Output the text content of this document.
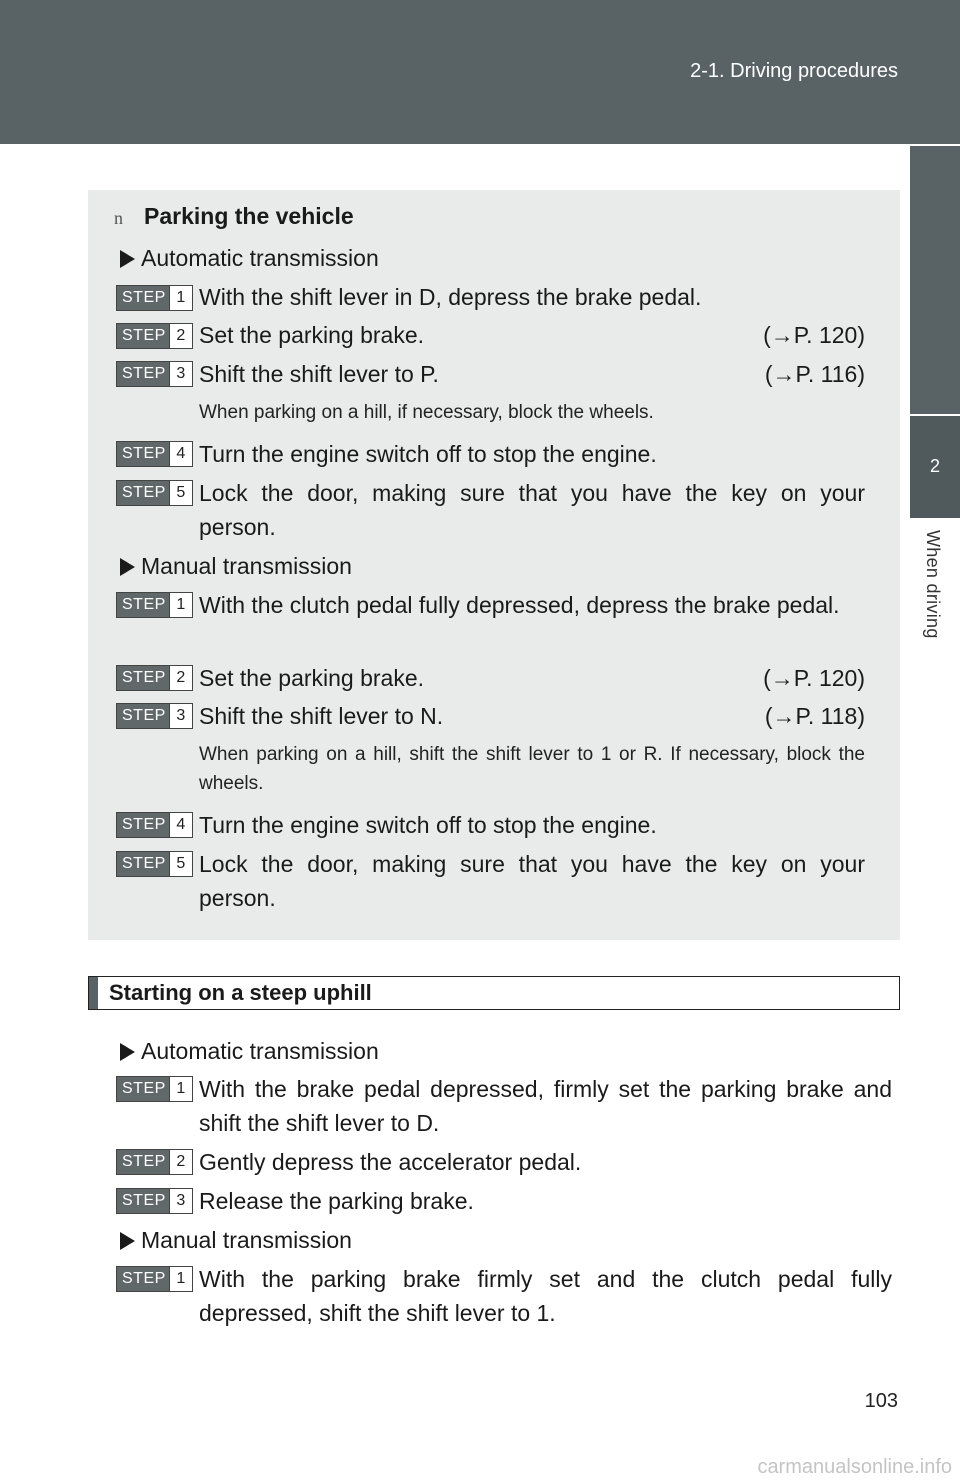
2-1. Driving procedures
2
When driving
n Parking the vehicle
Automatic transmission
STEP 1 With the shift lever in D, depress the brake pedal.
STEP 2 Set the parking brake.	(→P. 120)
STEP 3 Shift the shift lever to P.	(→P. 116)
When parking on a hill, if necessary, block the wheels.
STEP 4 Turn the engine switch off to stop the engine.
STEP 5 Lock the door, making sure that you have the key on your person.
Manual transmission
STEP 1 With the clutch pedal fully depressed, depress the brake pedal.
STEP 2 Set the parking brake.	(→P. 120)
STEP 3 Shift the shift lever to N.	(→P. 118)
When parking on a hill, shift the shift lever to 1 or R. If necessary, block the wheels.
STEP 4 Turn the engine switch off to stop the engine.
STEP 5 Lock the door, making sure that you have the key on your person.
Starting on a steep uphill
Automatic transmission
STEP 1 With the brake pedal depressed, firmly set the parking brake and shift the shift lever to D.
STEP 2 Gently depress the accelerator pedal.
STEP 3 Release the parking brake.
Manual transmission
STEP 1 With the parking brake firmly set and the clutch pedal fully depressed, shift the shift lever to 1.
103
carmanualsonline.info
